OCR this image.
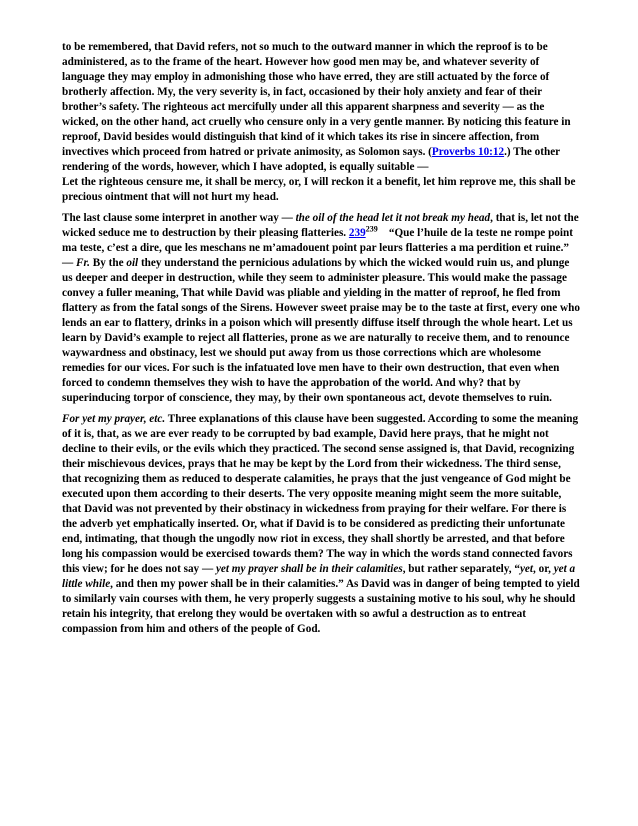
to be remembered, that David refers, not so much to the outward manner in which the reproof is to be administered, as to the frame of the heart. However how good men may be, and whatever severity of language they may employ in admonishing those who have erred, they are still actuated by the force of brotherly affection. My, the very severity is, in fact, occasioned by their holy anxiety and fear of their brother’s safety. The righteous act mercifully under all this apparent sharpness and severity — as the wicked, on the other hand, act cruelly who censure only in a very gentle manner. By noticing this feature in reproof, David besides would distinguish that kind of it which takes its rise in sincere affection, from invectives which proceed from hatred or private animosity, as Solomon says. (Proverbs 10:12.) The other rendering of the words, however, which I have adopted, is equally suitable —

Let the righteous censure me, it shall be mercy, or, I will reckon it a benefit, let him reprove me, this shall be precious ointment that will not hurt my head.

The last clause some interpret in another way — the oil of the head let it not break my head, that is, let not the wicked seduce me to destruction by their pleasing flatteries. $239^{239}$    “Que l’huile de la teste ne rompe point ma teste, c’est a dire, que les meschans ne m’amadouent point par leurs flatteries a ma perdition et ruine.” — Fr. By the oil they understand the pernicious adulations by which the wicked would ruin us, and plunge us deeper and deeper in destruction, while they seem to administer pleasure. This would make the passage convey a fuller meaning, That while David was pliable and yielding in the matter of reproof, he fled from flattery as from the fatal songs of the Sirens. However sweet praise may be to the taste at first, every one who lends an ear to flattery, drinks in a poison which will presently diffuse itself through the whole heart. Let us learn by David’s example to reject all flatteries, prone as we are naturally to receive them, and to renounce waywardness and obstinacy, lest we should put away from us those corrections which are wholesome remedies for our vices. For such is the infatuated love men have to their own destruction, that even when forced to condemn themselves they wish to have the approbation of the world. And why? that by superinducing torpor of conscience, they may, by their own spontaneous act, devote themselves to ruin.

For yet my prayer, etc. Three explanations of this clause have been suggested. According to some the meaning of it is, that, as we are ever ready to be corrupted by bad example, David here prays, that he might not decline to their evils, or the evils which they practiced. The second sense assigned is, that David, recognizing their mischievous devices, prays that he may be kept by the Lord from their wickedness. The third sense, that recognizing them as reduced to desperate calamities, he prays that the just vengeance of God might be executed upon them according to their deserts. The very opposite meaning might seem the more suitable, that David was not prevented by their obstinacy in wickedness from praying for their welfare. For there is the adverb yet emphatically inserted. Or, what if David is to be considered as predicting their unfortunate end, intimating, that though the ungodly now riot in excess, they shall shortly be arrested, and that before long his compassion would be exercised towards them? The way in which the words stand connected favors this view; for he does not say — yet my prayer shall be in their calamities, but rather separately, “yet, or, yet a little while, and then my power shall be in their calamities.” As David was in danger of being tempted to yield to similarly vain courses with them, he very properly suggests a sustaining motive to his soul, why he should retain his integrity, that erelong they would be overtaken with so awful a destruction as to entreat compassion from him and others of the people of God.
